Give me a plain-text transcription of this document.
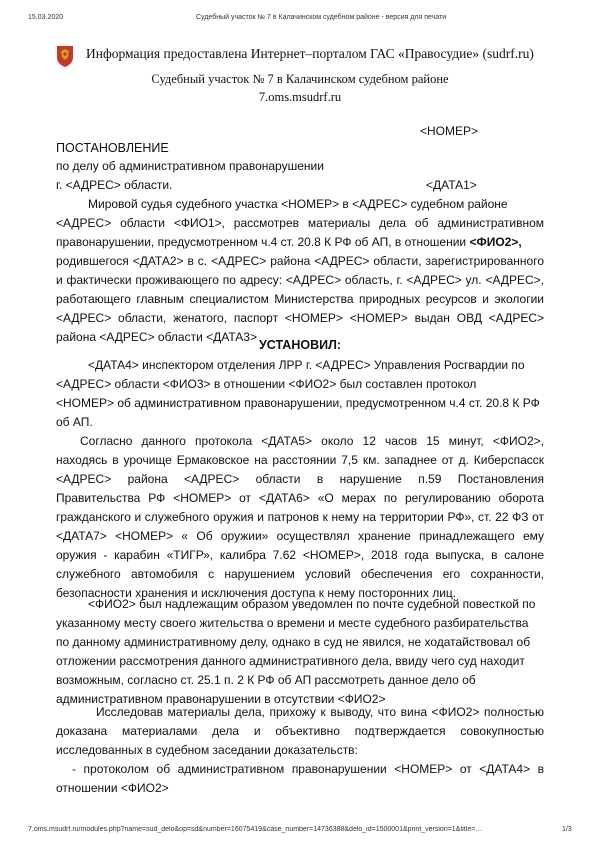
15.03.2020	Судебный участок № 7 в Калачинском судебном районе - версия для печати
Информация предоставлена Интернет–порталом ГАС «Правосудие» (sudrf.ru)
Судебный участок № 7 в Калачинском судебном районе
7.oms.msudrf.ru
<НОМЕР>
ПОСТАНОВЛЕНИЕ
по делу об административном правонарушении
г. <АДРЕС> области.	<ДАТА1>
Мировой судья судебного участка <НОМЕР> в <АДРЕС> судебном районе
<АДРЕС> области <ФИО1>, рассмотрев материалы дела об административном
правонарушении, предусмотренном ч.4 ст. 20.8 К РФ об АП, в отношении <ФИО2>,
родившегося <ДАТА2> в с. <АДРЕС> района <АДРЕС> области, зарегистрированного
и фактически проживающего по адресу: <АДРЕС> область, г. <АДРЕС> ул. <АДРЕС>,
работающего главным специалистом Министерства природных ресурсов и экологии
<АДРЕС> области, женатого, паспорт <НОМЕР> <НОМЕР> выдан ОВД <АДРЕС>
района <АДРЕС> области <ДАТА3>
УСТАНОВИЛ:
<ДАТА4> инспектором отделения ЛРР г. <АДРЕС> Управления Росгвардии по
<АДРЕС> области <ФИО3> в отношении <ФИО2> был составлен протокол
<НОМЕР> об административном правонарушении, предусмотренном ч.4 ст. 20.8 К РФ
об АП.
Согласно данного протокола <ДАТА5> около 12 часов 15 минут, <ФИО2>,
находясь в урочище Ермаковское на расстоянии 7,5 км. западнее от д. Киберспасск
<АДРЕС> района <АДРЕС> области в нарушение п.59 Постановления
Правительства РФ <НОМЕР> от <ДАТА6> «О мерах по регулированию оборота
гражданского и служебного оружия и патронов к нему на территории РФ», ст. 22 ФЗ от
<ДАТА7> <НОМЕР> « Об оружии» осуществлял хранение принадлежащего ему
оружия - карабин «ТИГР», калибра 7.62 <НОМЕР>, 2018 года выпуска, в салоне
служебного автомобиля с нарушением условий обеспечения его сохранности,
безопасности хранения и исключения доступа к нему посторонних лиц.
<ФИО2> был надлежащим образом уведомлен по почте судебной повесткой по
указанному месту своего жительства о времени и месте судебного разбирательства
по данному административному делу, однако в суд не явился, не ходатайствовал об
отложении рассмотрения данного административного дела, ввиду чего суд находит
возможным, согласно ст. 25.1 п. 2 К РФ об АП рассмотреть данное дело об
административном правонарушении в отсутствии <ФИО2>
Исследовав материалы дела, прихожу к выводу, что вина <ФИО2> полностью
доказана материалами дела и объективно подтверждается совокупностью
исследованных в судебном заседании доказательств:
- протоколом об административном правонарушении <НОМЕР> от <ДАТА4> в
отношении <ФИО2>
7.oms.msudrf.ru/modules.php?name=sud_delo&op=sd&number=16075419&case_number=14736388&delo_id=1500001&print_version=1&title=…	1/3
